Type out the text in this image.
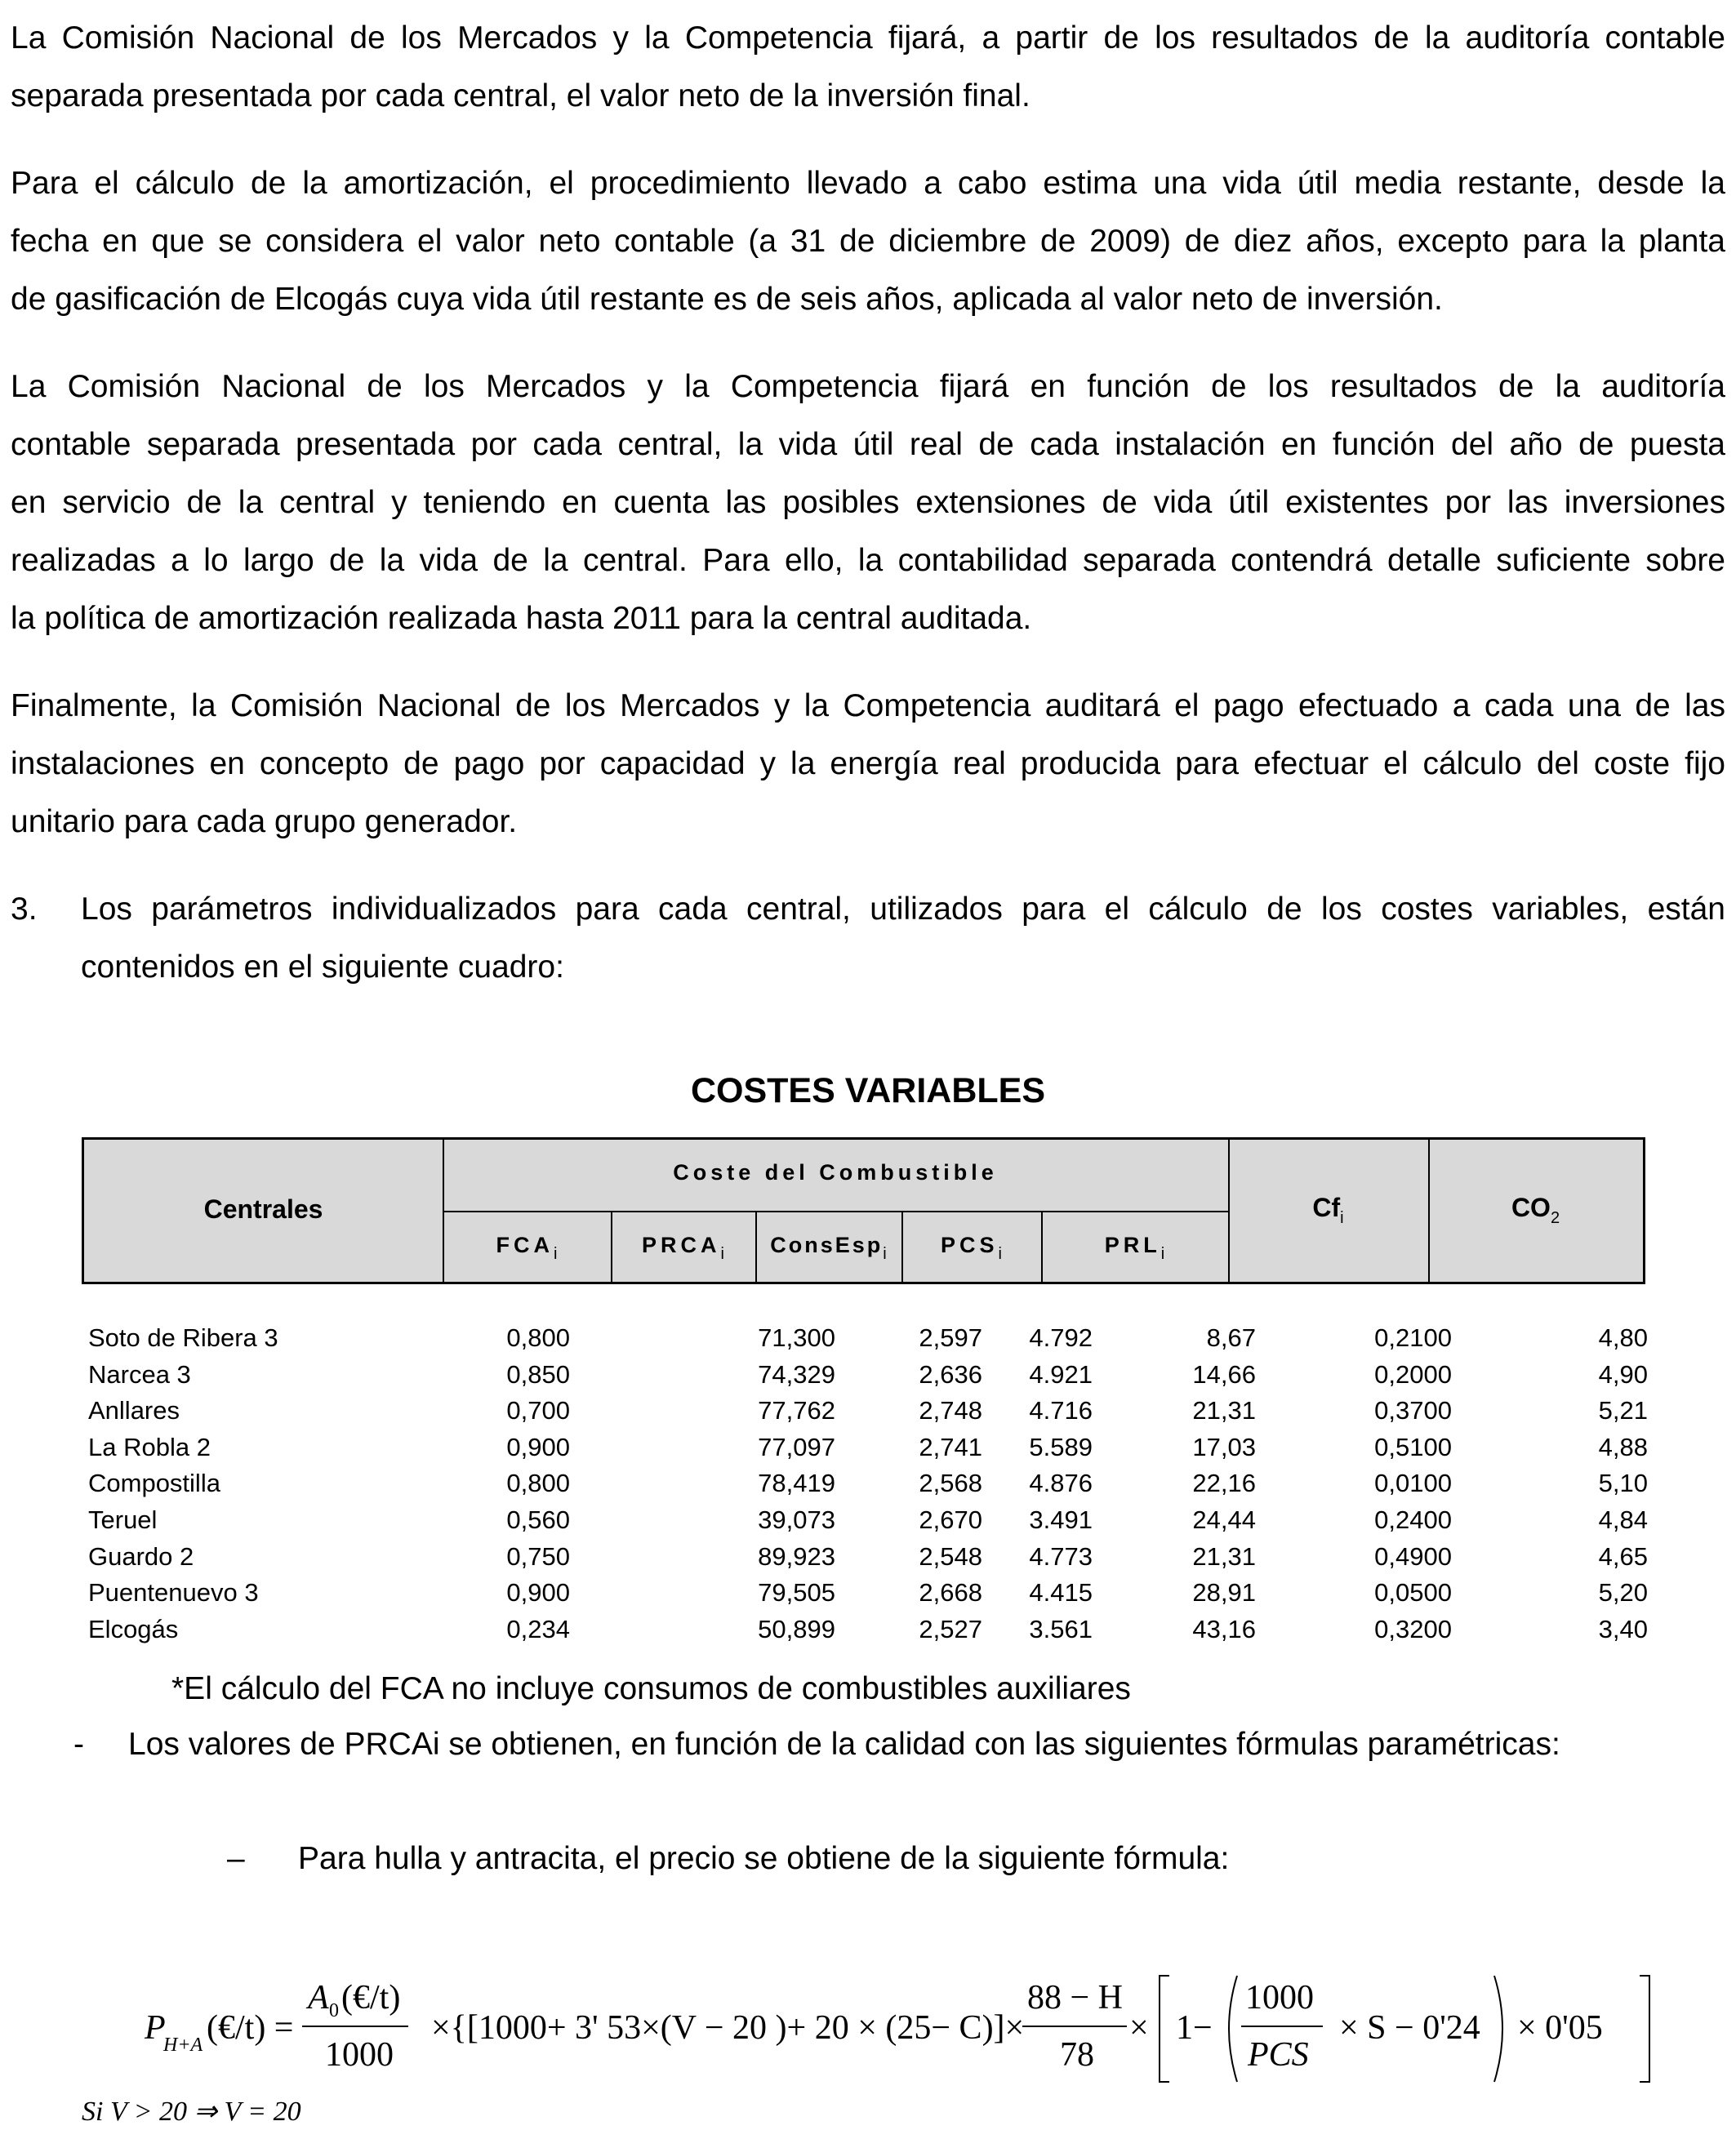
La Comisión Nacional de los Mercados y la Competencia fijará, a partir de los resultados de la auditoría contable
separada presentada por cada central, el valor neto de la inversión final.
Para el cálculo de la amortización, el procedimiento llevado a cabo estima una vida útil media restante, desde la
fecha en que se considera el valor neto contable (a 31 de diciembre de 2009) de diez años, excepto para la planta
de gasificación de Elcogás cuya vida útil restante es de seis años, aplicada al valor neto de inversión.
La Comisión Nacional de los Mercados y la Competencia fijará en función de los resultados de la auditoría
contable separada presentada por cada central, la vida útil real de cada instalación en función del año de puesta
en servicio de la central y teniendo en cuenta las posibles extensiones de vida útil existentes por las inversiones
realizadas a lo largo de la vida de la central. Para ello, la contabilidad separada contendrá detalle suficiente sobre
la política de amortización realizada hasta 2011 para la central auditada.
Finalmente, la Comisión Nacional de los Mercados y la Competencia auditará el pago efectuado a cada una de las
instalaciones en concepto de pago por capacidad y la energía real producida para efectuar el cálculo del coste fijo
unitario para cada grupo generador.
3. Los parámetros individualizados para cada central, utilizados para el cálculo de los costes variables, están
contenidos en el siguiente cuadro:
COSTES VARIABLES
Centrales
Coste del Combustible
$FCA_i$	$PRCA_i$	ConsEsp$_i$	$PCS_i$	$PRL_i$
$Cf_i$	$CO_2$
Soto de Ribera 3	0,800	71,300	2,597	4.792	8,67	0,2100	4,80
Narcea 3	0,850	74,329	2,636	4.921	14,66	0,2000	4,90
Anllares	0,700	77,762	2,748	4.716	21,31	0,3700	5,21
La Robla 2	0,900	77,097	2,741	5.589	17,03	0,5100	4,88
Compostilla	0,800	78,419	2,568	4.876	22,16	0,0100	5,10
Teruel	0,560	39,073	2,670	3.491	24,44	0,2400	4,84
Guardo 2	0,750	89,923	2,548	4.773	21,31	0,4900	4,65
Puentenuevo 3	0,900	79,505	2,668	4.415	28,91	0,0500	5,20
Elcogás	0,234	50,899	2,527	3.561	43,16	0,3200	3,40
*El cálculo del FCA no incluye consumos de combustibles auxiliares
- Los valores de PRCAi se obtienen, en función de la calidad con las siguientes fórmulas paramétricas:
– Para hulla y antracita, el precio se obtiene de la siguiente fórmula:
P
H+A (€/t) =
A 0 (€/t)
1000
×{[1000+ 3' 53×(V − 20 )+ 20 × (25− C)]×
88 − H
78
× 1−
1000
PCS
× S − 0'24 × 0'05
Si V > 20 ⇒ V = 20
